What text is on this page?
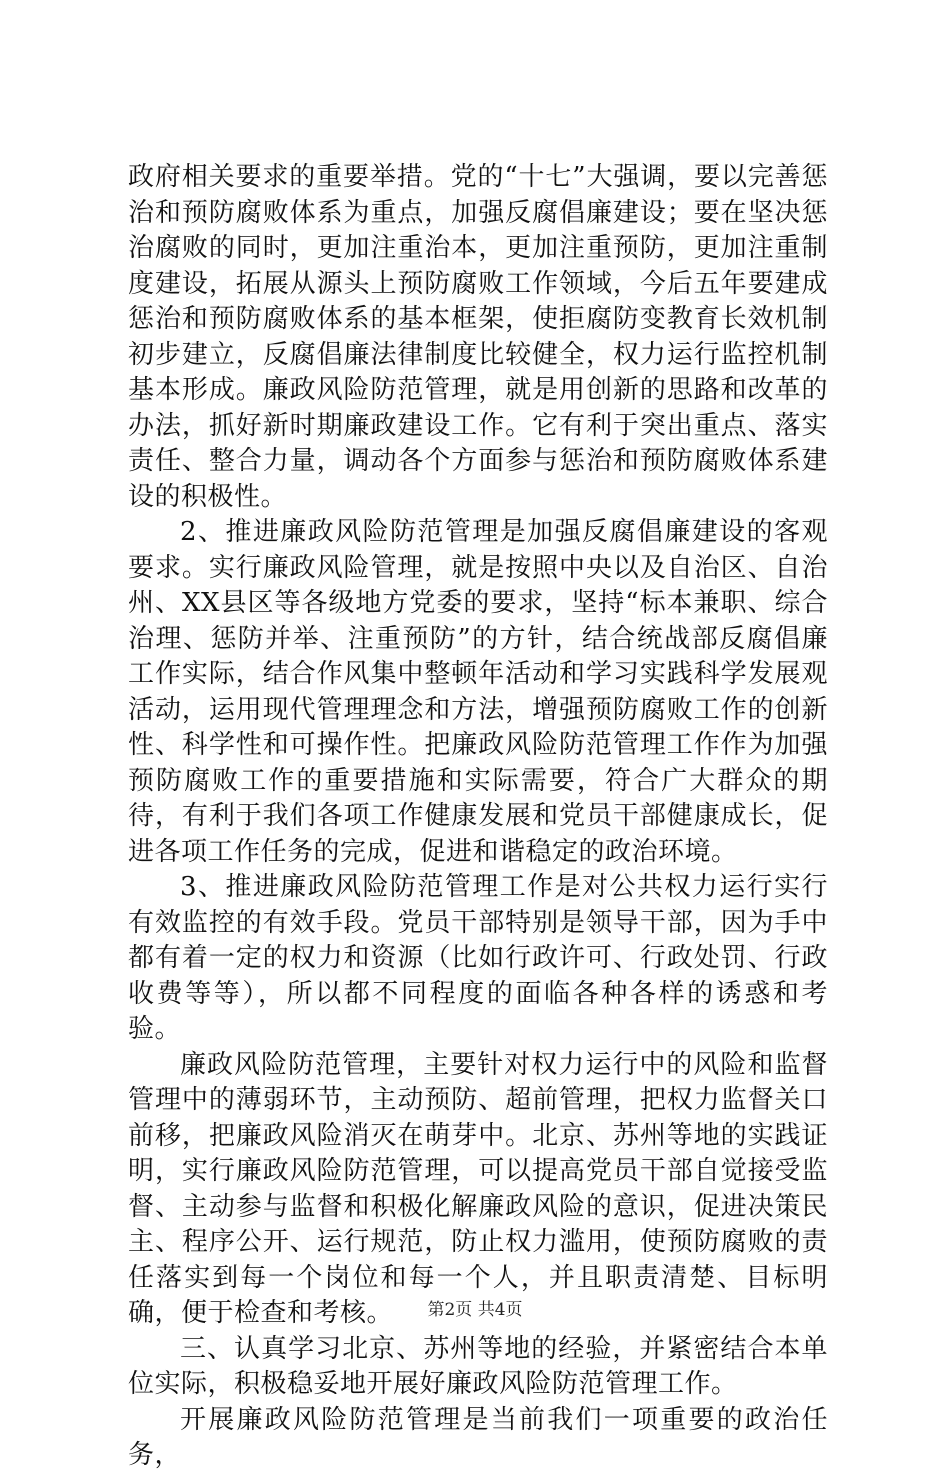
政府相关要求的重要举措。党的“十七”大强调，要以完善惩治和预防腐败体系为重点，加强反腐倡廉建设；要在坚决惩治腐败的同时，更加注重治本，更加注重预防，更加注重制度建设，拓展从源头上预防腐败工作领域，今后五年要建成惩治和预防腐败体系的基本框架，使拒腐防变教育长效机制初步建立，反腐倡廉法律制度比较健全，权力运行监控机制基本形成。廉政风险防范管理，就是用创新的思路和改革的办法，抓好新时期廉政建设工作。它有利于突出重点、落实责任、整合力量，调动各个方面参与惩治和预防腐败体系建设的积极性。

2、推进廉政风险防范管理是加强反腐倡廉建设的客观要求。实行廉政风险管理，就是按照中央以及自治区、自治州、XX县区等各级地方党委的要求，坚持“标本兼职、综合治理、惩防并举、注重预防”的方针，结合统战部反腐倡廉工作实际，结合作风集中整顿年活动和学习实践科学发展观活动，运用现代管理理念和方法，增强预防腐败工作的创新性、科学性和可操作性。把廉政风险防范管理工作作为加强预防腐败工作的重要措施和实际需要，符合广大群众的期待，有利于我们各项工作健康发展和党员干部健康成长，促进各项工作任务的完成，促进和谐稳定的政治环境。

3、推进廉政风险防范管理工作是对公共权力运行实行有效监控的有效手段。党员干部特别是领导干部，因为手中都有着一定的权力和资源（比如行政许可、行政处罚、行政收费等等），所以都不同程度的面临各种各样的诱惑和考验。

廉政风险防范管理，主要针对权力运行中的风险和监督管理中的薄弱环节，主动预防、超前管理，把权力监督关口前移，把廉政风险消灭在萌芽中。北京、苏州等地的实践证明，实行廉政风险防范管理，可以提高党员干部自觉接受监督、主动参与监督和积极化解廉政风险的意识，促进决策民主、程序公开、运行规范，防止权力滥用，使预防腐败的责任落实到每一个岗位和每一个人，并且职责清楚、目标明确，便于检查和考核。

三、认真学习北京、苏州等地的经验，并紧密结合本单位实际，积极稳妥地开展好廉政风险防范管理工作。

开展廉政风险防范管理是当前我们一项重要的政治任务，

第2页 共4页
